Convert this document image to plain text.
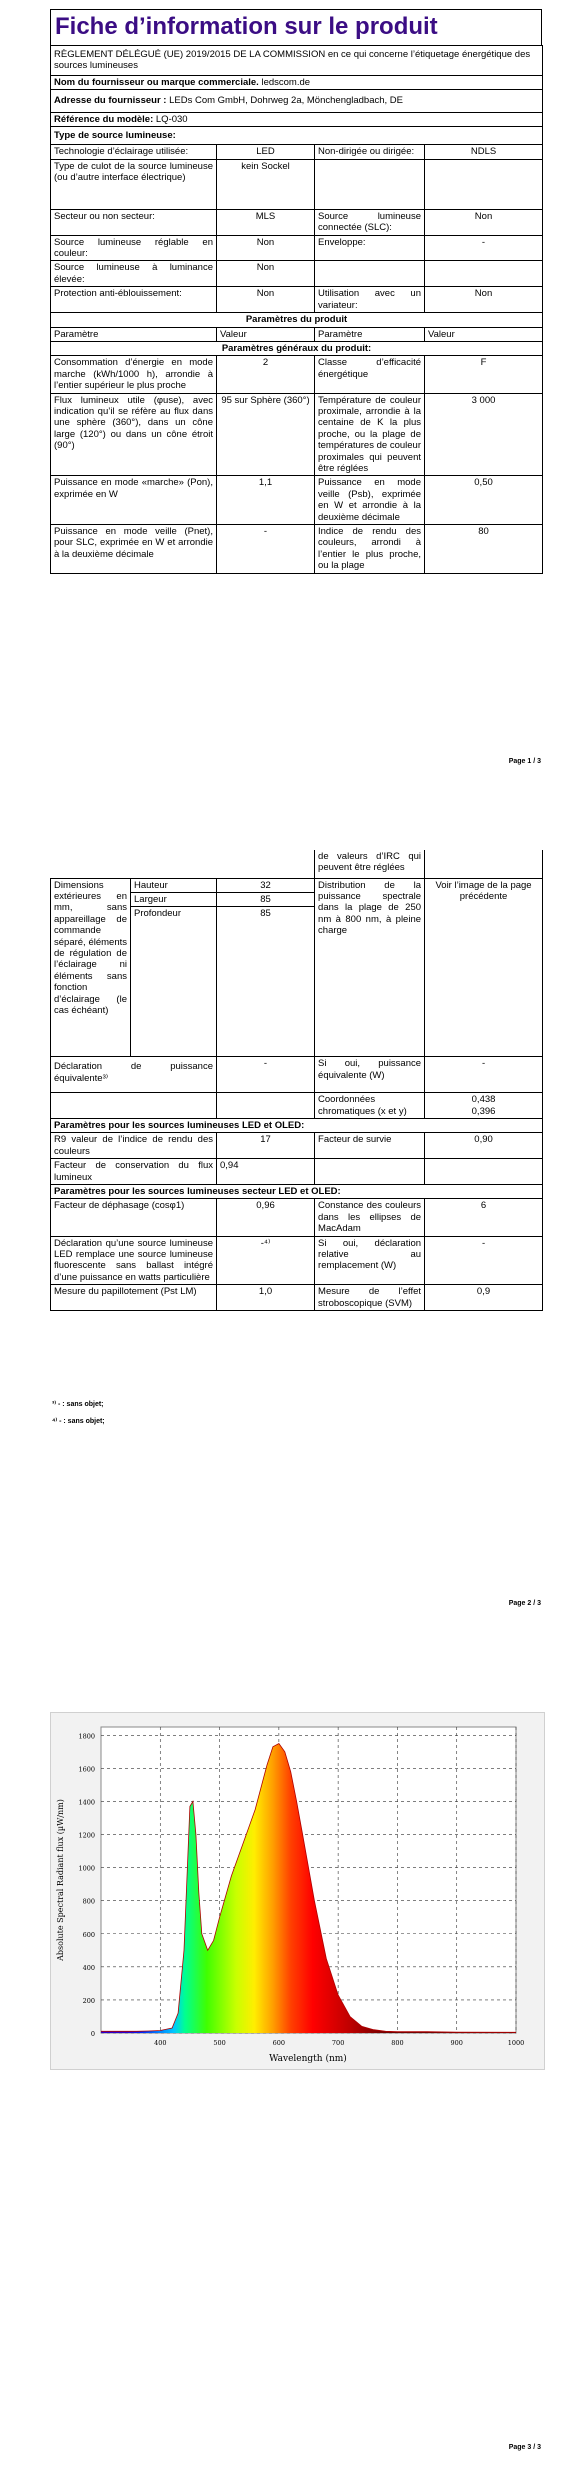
Fiche d’information sur le produit
RÈGLEMENT DÉLÉGUÉ (UE) 2019/2015 DE LA COMMISSION en ce qui concerne l’étiquetage énergétique des sources lumineuses			
Nom du fournisseur ou marque commerciale. ledscom.de			
Adresse du fournisseur : LEDs Com GmbH, Dohrweg 2a, Mönchengladbach, DE			
Référence du modèle: LQ-030			
Type de source lumineuse:			
Technologie d’éclairage utilisée:	LED	Non-dirigée ou dirigée:	NDLS
Type de culot de la source lumineuse (ou d’autre interface électrique)	kein Sockel		
Secteur ou non secteur:	MLS	Source lumineuse connectée (SLC):	Non
Source lumineuse réglable en couleur:	Non	Enveloppe:	-
Source lumineuse à luminance élevée:	Non		
Protection anti-éblouissement:	Non	Utilisation avec un variateur:	Non
Paramètres du produit			
Paramètre	Valeur	Paramètre	Valeur
Paramètres généraux du produit:			
Consommation d’énergie en mode marche (kWh/1000 h), arrondie à l’entier supérieur le plus proche	2	Classe d’efficacité énergétique	F
Flux lumineux utile (φuse), avec indication qu’il se réfère au flux dans une sphère (360°), dans un cône large (120°) ou dans un cône étroit (90°)	95 sur Sphère (360°)	Température de couleur proximale, arrondie à la centaine de K la plus proche, ou la plage de températures de couleur proximales qui peuvent être réglées	3 000
Puissance en mode «marche» (Pon), exprimée en W	1,1	Puissance en mode veille (Psb), exprimée en W et arrondie à la deuxième décimale	0,50
Puissance en mode veille (Pnet), pour SLC, exprimée en W et arrondie à la deuxième décimale	-	Indice de rendu des couleurs, arrondi à l’entier le plus proche, ou la plage	80
Page 1 / 3
			de valeurs d’IRC qui peuvent être réglées	
Dimensions extérieures en mm, sans appareillage de commande séparé, éléments de régulation de l’éclairage ni éléments sans fonction d’éclairage (le cas échéant)	Hauteur	32	Distribution de la puissance spectrale dans la plage de 250 nm à 800 nm, à pleine charge	Voir l’image de la page précédente
	Largeur	85		
	Profondeur	85		
Déclaration de puissance équivalente³⁾		-	Si oui, puissance équivalente (W)	-
			Coordonnées chromatiques (x et y)	0,438
0,396
Paramètres pour les sources lumineuses LED et OLED:				
R9 valeur de l’indice de rendu des couleurs		17	Facteur de survie	0,90
Facteur de conservation du flux lumineux		0,94		
Paramètres pour les sources lumineuses secteur LED et OLED:				
Facteur de déphasage (cosφ1)		0,96	Constance des couleurs dans les ellipses de MacAdam	6
Déclaration qu’une source lumineuse LED remplace une source lumineuse fluorescente sans ballast intégré d’une puissance en watts particulière		-⁴⁾	Si oui, déclaration relative au remplacement (W)	-
Mesure du papillotement (Pst LM)		1,0	Mesure de l’effet stroboscopique (SVM)	0,9
³⁾ - : sans objet;
⁴⁾ - : sans objet;
Page 2 / 3
0
200
400
600
800
1000
1200
1400
1600
1800
400	500	600	700	800	900	1000
Wavelength (nm)
Absolute Spectral Radiant flux (µW/nm)
Page 3 / 3
